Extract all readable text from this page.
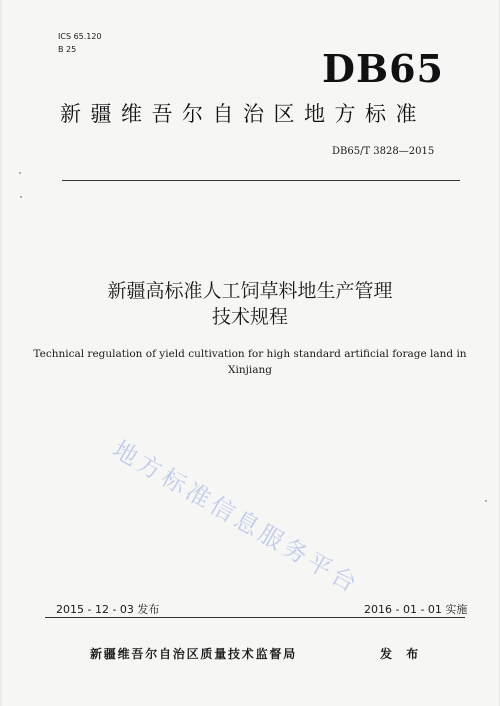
ICS 65.120
B 25	DB65
新疆维吾尔自治区地方标准
DB65/T 3828—2015
新疆高标准人工饲草料地生产管理
技术规程
Technical regulation of yield cultivation for high standard artificial forage land in
Xinjiang
地方标准信息服务平台
2015 - 12 - 03 发布	2016 - 01 - 01 实施
新疆维吾尔自治区质量技术监督局	发 布
